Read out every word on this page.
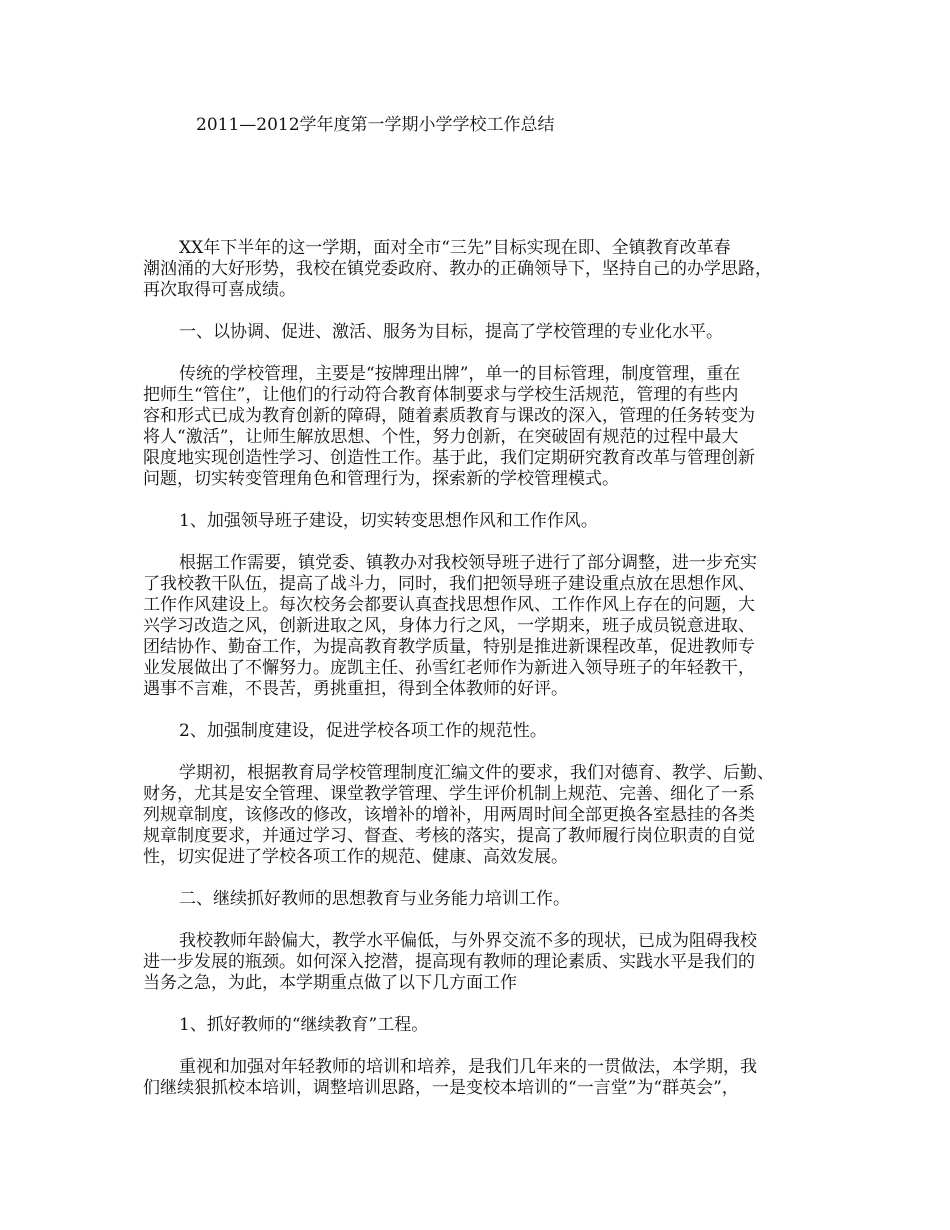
2011—2012学年度第一学期小学学校工作总结

XX年下半年的这一学期，面对全市“三先”目标实现在即、全镇教育改革春
潮汹涌的大好形势，我校在镇党委政府、教办的正确领导下，坚持自己的办学思路，
再次取得可喜成绩。

一、以协调、促进、激活、服务为目标，提高了学校管理的专业化水平。

传统的学校管理，主要是“按牌理出牌”，单一的目标管理，制度管理，重在
把师生“管住”，让他们的行动符合教育体制要求与学校生活规范，管理的有些内
容和形式已成为教育创新的障碍，随着素质教育与课改的深入，管理的任务转变为
将人“激活”，让师生解放思想、个性，努力创新，在突破固有规范的过程中最大
限度地实现创造性学习、创造性工作。基于此，我们定期研究教育改革与管理创新
问题，切实转变管理角色和管理行为，探索新的学校管理模式。

1、加强领导班子建设，切实转变思想作风和工作作风。

根据工作需要，镇党委、镇教办对我校领导班子进行了部分调整，进一步充实
了我校教干队伍，提高了战斗力，同时，我们把领导班子建设重点放在思想作风、
工作作风建设上。每次校务会都要认真查找思想作风、工作作风上存在的问题，大
兴学习改造之风，创新进取之风，身体力行之风，一学期来，班子成员锐意进取、
团结协作、勤奋工作，为提高教育教学质量，特别是推进新课程改革，促进教师专
业发展做出了不懈努力。庞凯主任、孙雪红老师作为新进入领导班子的年轻教干，
遇事不言难，不畏苦，勇挑重担，得到全体教师的好评。

2、加强制度建设，促进学校各项工作的规范性。

学期初，根据教育局学校管理制度汇编文件的要求，我们对德育、教学、后勤、
财务，尤其是安全管理、课堂教学管理、学生评价机制上规范、完善、细化了一系
列规章制度，该修改的修改，该增补的增补，用两周时间全部更换各室悬挂的各类
规章制度要求，并通过学习、督查、考核的落实，提高了教师履行岗位职责的自觉
性，切实促进了学校各项工作的规范、健康、高效发展。

二、继续抓好教师的思想教育与业务能力培训工作。

我校教师年龄偏大，教学水平偏低，与外界交流不多的现状，已成为阻碍我校
进一步发展的瓶颈。如何深入挖潜，提高现有教师的理论素质、实践水平是我们的
当务之急，为此，本学期重点做了以下几方面工作

1、抓好教师的“继续教育”工程。

重视和加强对年轻教师的培训和培养，是我们几年来的一贯做法，本学期，我
们继续狠抓校本培训，调整培训思路，一是变校本培训的“一言堂”为“群英会”，
